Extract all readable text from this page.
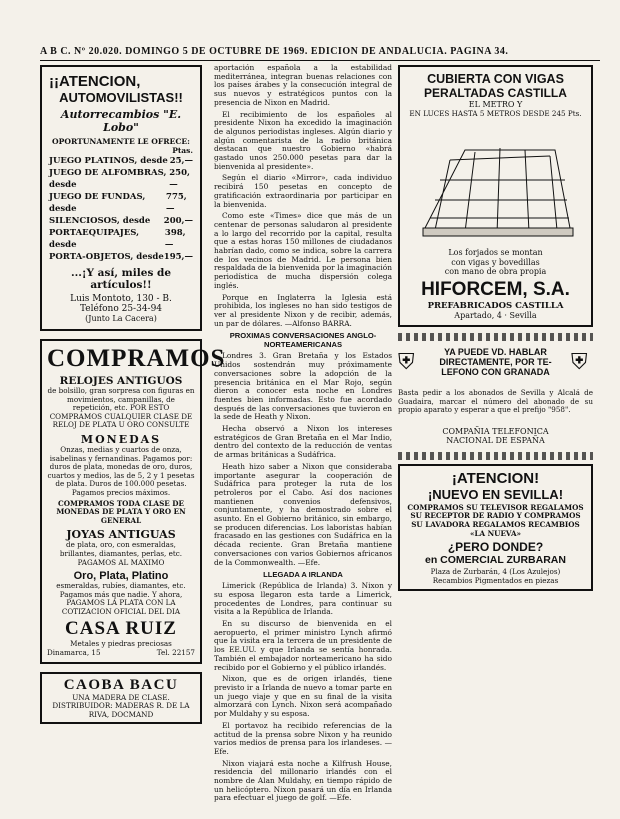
A B C. Nº 20.020. DOMINGO 5 DE OCTUBRE DE 1969. EDICION DE ANDALUCIA. PAGINA 34.
¡¡ATENCION,
AUTOMOVILISTAS!!
Autorrecambios "E. Lobo"
OPORTUNAMENTE LE OFRECE:
Ptas.
JUEGO PLATINOS, desde 25,—
JUEGO DE ALFOMBRAS, desde
250,—
JUEGO DE FUNDAS, desde
775,—
SILENCIOSOS, desde 200,—
PORTAEQUIPAJES, desde
398,—
PORTA-OBJETOS, desde 195,—
...¡Y así, miles de artículos!!
Luis Montoto, 130 - B.
Teléfono 25-34-94
(Junto La Cacera)
COMPRAMOS
RELOJES ANTIGUOS
de bolsillo, gran sorpresa con figuras en movimientos, campanillas, de repetición, etc. POR ESTO COMPRAMOS CUALQUIER CLASE DE RELOJ DE PLATA U ORO CONSULTE
MONEDAS
Onzas, medias y cuartos de onza, isabelinas y fernandinas. Pagamos por: duros de plata, monedas de oro, duros, cuartos y medios, las de 5, 2 y 1 pesetas de plata. Duros de 100.000 pesetas. Pagamos precios máximos.
COMPRAMOS TODA CLASE DE MONEDAS DE PLATA Y ORO EN GENERAL
JOYAS ANTIGUAS
de plata, oro, con esmeraldas, brillantes, diamantes, perlas, etc. PAGAMOS AL MAXIMO
Oro, Plata, Platino
esmeraldas, rubíes, diamantes, etc. Pagamos más que nadie. Y ahora, PAGAMOS LA PLATA CON LA COTIZACION OFICIAL DEL DIA
CASA RUIZ
Metales y piedras preciosas
Dinamarca, 15	Tel. 22157
CAOBA BACU
UNA MADERA DE CLASE. DISTRIBUIDOR: MADERAS R. DE LA RIVA, DOCMAND

aportación española a la estabilidad mediterránea, integran buenas relaciones con los países árabes y la consecución integral de sus nuevos y estratégicos puntos con la presencia de Nixon en Madrid.

El recibimiento de los españoles al presidente Nixon ha excedido la imaginación de algunos periodistas ingleses. Algún diario y algún comentarista de la radio británica destacan que nuestro Gobierno «habrá gastado unos 250.000 pesetas para dar la bienvenida al presidente».

Según el diario «Mirror», cada individuo recibirá 150 pesetas en concepto de gratificación extraordinaria por participar en la bienvenida.

Como este «Times» dice que más de un centenar de personas saludaron al presidente a lo largo del recorrido por la capital, resulta que a estas horas 150 millones de ciudadanos habrían dado, como se indica, sobre la carrera de los vecinos de Madrid. Le persona bien respaldada de la bienvenida por la imaginación periodística de mucha dispersión colega inglés.

Porque en Inglaterra la Iglesia está prohibida, los ingleses no han sido testigos de ver al presidente Nixon y de recibir, además, un par de dólares. —Alfonso BARRA.

PROXIMAS CONVERSACIONES ANGLO-NORTEAMERICANAS

Londres 3. Gran Bretaña y los Estados Unidos sostendrán muy próximamente conversaciones sobre la adopción de la presencia británica en el Mar Rojo, según dieron a conocer esta noche en Londres fuentes bien informadas. Esto fue acordado después de las conversaciones que tuvieron en la sede de Heath y Nixon.

Hecha observó a Nixon los intereses estratégicos de Gran Bretaña en el Mar Indio, dentro del contexto de la reducción de ventas de armas británicas a Sudáfrica.

Heath hizo saber a Nixon que consideraba importante asegurar la cooperación de Sudáfrica para proteger la ruta de los petroleros por el Cabo. Así dos naciones mantienen convenios defensivos, conjuntamente, y ha demostrado sobre el asunto. En el Gobierno británico, sin embargo, se producen diferencias. Los laboristas habían fracasado en las gestiones con Sudáfrica en la década reciente. Gran Bretaña mantiene conversaciones con varios Gobiernos africanos de la Commonwealth. —Efe.

LLEGADA A IRLANDA

Limerick (República de Irlanda) 3. Nixon y su esposa llegaron esta tarde a Limerick, procedentes de Londres, para continuar su visita a la República de Irlanda.

En su discurso de bienvenida en el aeropuerto, el primer ministro Lynch afirmó que la visita era la tercera de un presidente de los EE.UU. y que Irlanda se sentía honrada. También el embajador norteamericano ha sido recibido por el Gobierno y el público irlandés.

Nixon, que es de origen irlandés, tiene previsto ir a Irlanda de nuevo a tomar parte en un juego viaje y que en su final de la visita almorzará con Lynch. Nixon será acompañado por Muldahy y su esposa.

El portavoz ha recibido referencias de la actitud de la prensa sobre Nixon y ha reunido varios medios de prensa para los irlandeses. —Efe.

Nixon viajará esta noche a Kilfrush House, residencia del millonario irlandés con el nombre de Alan Muldahy, en tiempo rápido de un helicóptero. Nixon pasará un día en Irlanda para efectuar el juego de golf. —Efe.

CUBIERTA CON VIGAS
PERALTADAS CASTILLA
EL METRO Y
EN LUCES HASTA 5 METROS DESDE 245 Pts.
Los forjados se montan
con vigas y bovedillas
con mano de obra propia
HIFORCEM, S.A.
PREFABRICADOS CASTILLA
Apartado, 4 · Sevilla
⛨	YA PUEDE VD. HABLAR
DIRECTAMENTE, POR TE-
LEFONO CON GRANADA ⛨
Basta pedir a los abonados de Sevilla y Alcalá de Guadaira, marcar el número del abonado de su propio aparato y esperar a que el prefijo "958".
COMPAÑIA TELEFONICA
NACIONAL DE ESPAÑA
¡ATENCION!
¡NUEVO EN SEVILLA!
COMPRAMOS SU TELEVISOR REGALAMOS SU RECEPTOR DE RADIO Y COMPRAMOS SU LAVADORA REGALAMOS RECAMBIOS «LA NUEVA»
¿PERO DONDE?
en COMERCIAL ZURBARAN
Plaza de Zurbarán, 4 (Los Azulejos)
Recambios Pigmentados en piezas
